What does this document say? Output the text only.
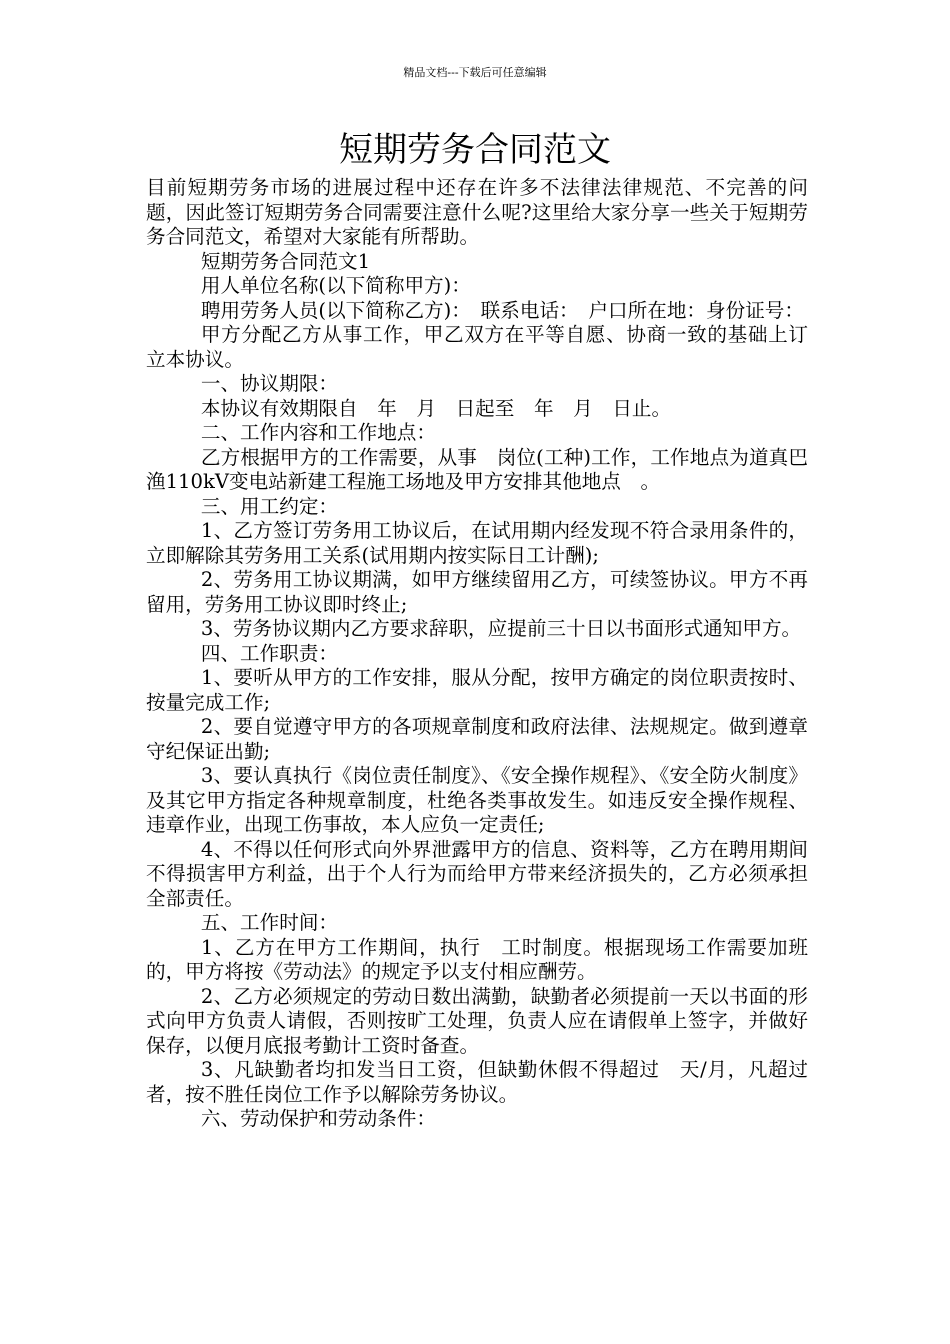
精品文档---下载后可任意编辑
短期劳务合同范文

目前短期劳务市场的进展过程中还存在许多不法律法律规范、不完善的问题，因此签订短期劳务合同需要注意什么呢?这里给大家分享一些关于短期劳务合同范文，希望对大家能有所帮助。

短期劳务合同范文1

用人单位名称(以下简称甲方)：

聘用劳务人员(以下简称乙方)：　联系电话：　户口所在地：身份证号：

甲方分配乙方从事工作，甲乙双方在平等自愿、协商一致的基础上订立本协议。

一、协议期限：

本协议有效期限自　年　月　日起至　年　月　日止。

二、工作内容和工作地点：

乙方根据甲方的工作需要，从事　岗位(工种)工作，工作地点为道真巴渔110kV变电站新建工程施工场地及甲方安排其他地点　。

三、用工约定：

1、乙方签订劳务用工协议后，在试用期内经发现不符合录用条件的，立即解除其劳务用工关系(试用期内按实际日工计酬);

2、劳务用工协议期满，如甲方继续留用乙方，可续签协议。甲方不再留用，劳务用工协议即时终止;

3、劳务协议期内乙方要求辞职，应提前三十日以书面形式通知甲方。

四、工作职责：

1、要听从甲方的工作安排，服从分配，按甲方确定的岗位职责按时、按量完成工作;

2、要自觉遵守甲方的各项规章制度和政府法律、法规规定。做到遵章守纪保证出勤;

3、要认真执行《岗位责任制度》、《安全操作规程》、《安全防火制度》及其它甲方指定各种规章制度，杜绝各类事故发生。如违反安全操作规程、违章作业，出现工伤事故，本人应负一定责任;

4、不得以任何形式向外界泄露甲方的信息、资料等，乙方在聘用期间不得损害甲方利益，出于个人行为而给甲方带来经济损失的，乙方必须承担全部责任。

五、工作时间：

1、乙方在甲方工作期间，执行　工时制度。根据现场工作需要加班的，甲方将按《劳动法》的规定予以支付相应酬劳。

2、乙方必须规定的劳动日数出满勤，缺勤者必须提前一天以书面的形式向甲方负责人请假，否则按旷工处理，负责人应在请假单上签字，并做好保存，以便月底报考勤计工资时备查。

3、凡缺勤者均扣发当日工资，但缺勤休假不得超过　天/月，凡超过者，按不胜任岗位工作予以解除劳务协议。

六、劳动保护和劳动条件：
